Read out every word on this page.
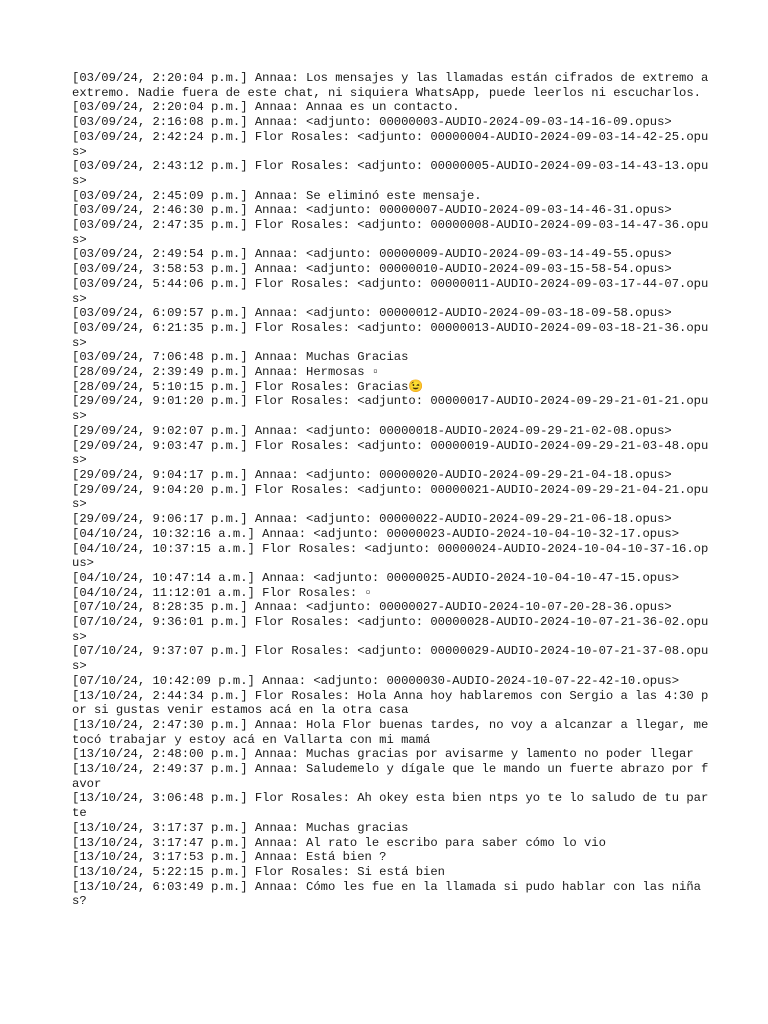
[03/09/24, 2:20:04 p.m.] Annaa: Los mensajes y las llamadas están cifrados de extremo a extremo. Nadie fuera de este chat, ni siquiera WhatsApp, puede leerlos ni escucharlos.

[03/09/24, 2:20:04 p.m.] Annaa: Annaa es un contacto.

[03/09/24, 2:16:08 p.m.] Annaa: <adjunto: 00000003-AUDIO-2024-09-03-14-16-09.opus>

[03/09/24, 2:42:24 p.m.] Flor Rosales: <adjunto: 00000004-AUDIO-2024-09-03-14-42-25.opus>

[03/09/24, 2:43:12 p.m.] Flor Rosales: <adjunto: 00000005-AUDIO-2024-09-03-14-43-13.opus>

[03/09/24, 2:45:09 p.m.] Annaa: Se eliminó este mensaje.

[03/09/24, 2:46:30 p.m.] Annaa: <adjunto: 00000007-AUDIO-2024-09-03-14-46-31.opus>

[03/09/24, 2:47:35 p.m.] Flor Rosales: <adjunto: 00000008-AUDIO-2024-09-03-14-47-36.opus>

[03/09/24, 2:49:54 p.m.] Annaa: <adjunto: 00000009-AUDIO-2024-09-03-14-49-55.opus>

[03/09/24, 3:58:53 p.m.] Annaa: <adjunto: 00000010-AUDIO-2024-09-03-15-58-54.opus>

[03/09/24, 5:44:06 p.m.] Flor Rosales: <adjunto: 00000011-AUDIO-2024-09-03-17-44-07.opus>

[03/09/24, 6:09:57 p.m.] Annaa: <adjunto: 00000012-AUDIO-2024-09-03-18-09-58.opus>

[03/09/24, 6:21:35 p.m.] Flor Rosales: <adjunto: 00000013-AUDIO-2024-09-03-18-21-36.opus>

[03/09/24, 7:06:48 p.m.] Annaa: Muchas Gracias

[28/09/24, 2:39:49 p.m.] Annaa: Hermosas ▫

[28/09/24, 5:10:15 p.m.] Flor Rosales: Gracias😉

[29/09/24, 9:01:20 p.m.] Flor Rosales: <adjunto: 00000017-AUDIO-2024-09-29-21-01-21.opus>

[29/09/24, 9:02:07 p.m.] Annaa: <adjunto: 00000018-AUDIO-2024-09-29-21-02-08.opus>

[29/09/24, 9:03:47 p.m.] Flor Rosales: <adjunto: 00000019-AUDIO-2024-09-29-21-03-48.opus>

[29/09/24, 9:04:17 p.m.] Annaa: <adjunto: 00000020-AUDIO-2024-09-29-21-04-18.opus>

[29/09/24, 9:04:20 p.m.] Flor Rosales: <adjunto: 00000021-AUDIO-2024-09-29-21-04-21.opus>

[29/09/24, 9:06:17 p.m.] Annaa: <adjunto: 00000022-AUDIO-2024-09-29-21-06-18.opus>

[04/10/24, 10:32:16 a.m.] Annaa: <adjunto: 00000023-AUDIO-2024-10-04-10-32-17.opus>

[04/10/24, 10:37:15 a.m.] Flor Rosales: <adjunto: 00000024-AUDIO-2024-10-04-10-37-16.opus>

[04/10/24, 10:47:14 a.m.] Annaa: <adjunto: 00000025-AUDIO-2024-10-04-10-47-15.opus>

[04/10/24, 11:12:01 a.m.] Flor Rosales: ▫

[07/10/24, 8:28:35 p.m.] Annaa: <adjunto: 00000027-AUDIO-2024-10-07-20-28-36.opus>

[07/10/24, 9:36:01 p.m.] Flor Rosales: <adjunto: 00000028-AUDIO-2024-10-07-21-36-02.opus>

[07/10/24, 9:37:07 p.m.] Flor Rosales: <adjunto: 00000029-AUDIO-2024-10-07-21-37-08.opus>

[07/10/24, 10:42:09 p.m.] Annaa: <adjunto: 00000030-AUDIO-2024-10-07-22-42-10.opus>

[13/10/24, 2:44:34 p.m.] Flor Rosales: Hola Anna hoy hablaremos con Sergio a las 4:30 por si gustas venir estamos acá en la otra casa

[13/10/24, 2:47:30 p.m.] Annaa: Hola Flor buenas tardes, no voy a alcanzar a llegar, me tocó trabajar y estoy acá en Vallarta con mi mamá

[13/10/24, 2:48:00 p.m.] Annaa: Muchas gracias por avisarme y lamento no poder llegar

[13/10/24, 2:49:37 p.m.] Annaa: Saludemelo y dígale que le mando un fuerte abrazo por favor

[13/10/24, 3:06:48 p.m.] Flor Rosales: Ah okey esta bien ntps yo te lo saludo de tu parte

[13/10/24, 3:17:37 p.m.] Annaa: Muchas gracias

[13/10/24, 3:17:47 p.m.] Annaa: Al rato le escribo para saber cómo lo vio

[13/10/24, 3:17:53 p.m.] Annaa: Está bien ?

[13/10/24, 5:22:15 p.m.] Flor Rosales: Si está bien

[13/10/24, 6:03:49 p.m.] Annaa: Cómo les fue en la llamada si pudo hablar con las niñas?
